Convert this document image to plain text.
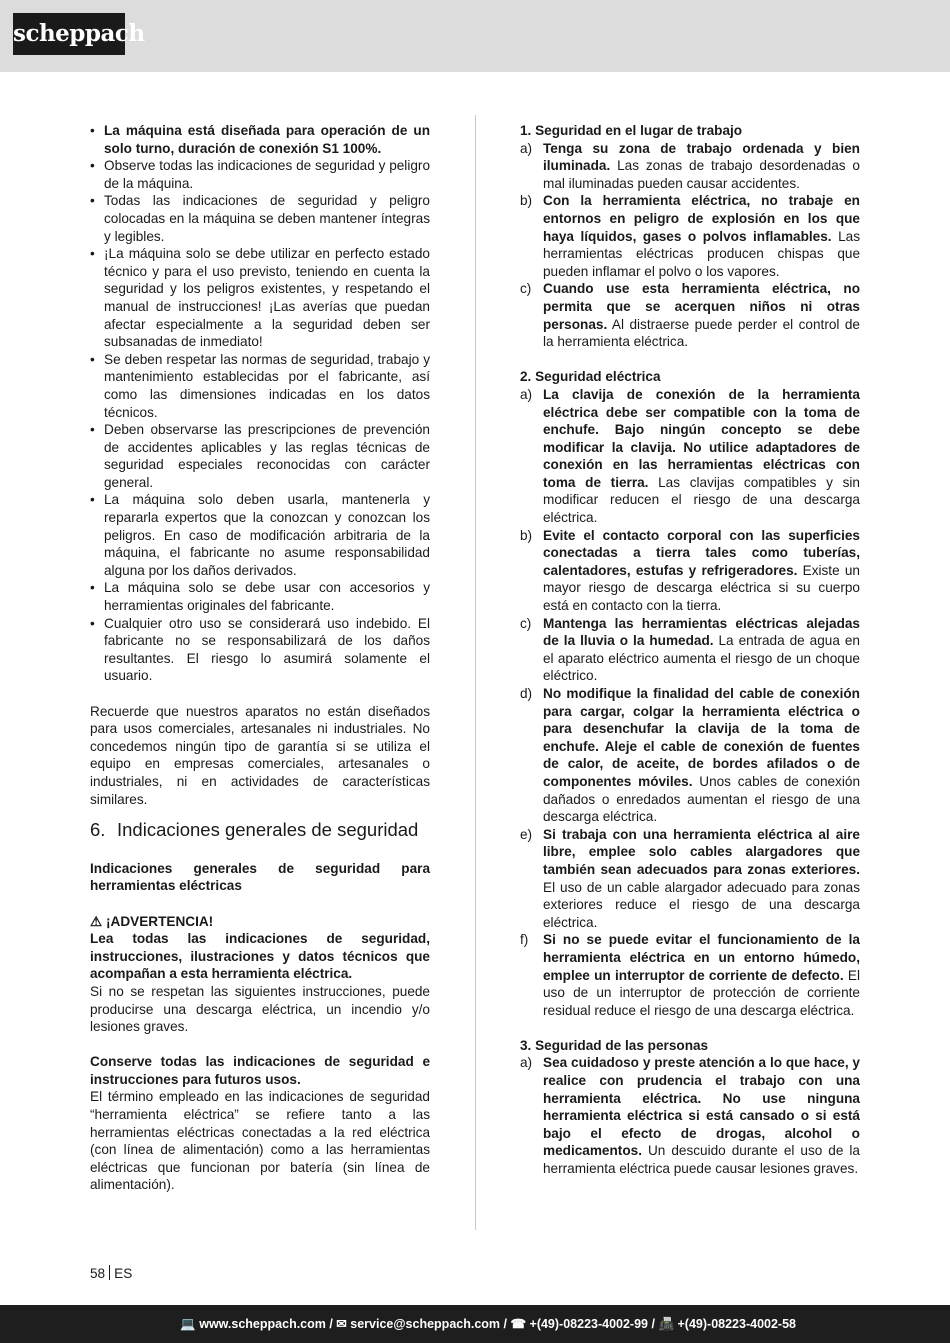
scheppach
• La máquina está diseñada para operación de un solo turno, duración de conexión S1 100%.
• Observe todas las indicaciones de seguridad y peligro de la máquina.
• Todas las indicaciones de seguridad y peligro colocadas en la máquina se deben mantener íntegras y legibles.
• ¡La máquina solo se debe utilizar en perfecto estado técnico y para el uso previsto, teniendo en cuenta la seguridad y los peligros existentes, y respetando el manual de instrucciones! ¡Las averías que puedan afectar especialmente a la seguridad deben ser subsanadas de inmediato!
• Se deben respetar las normas de seguridad, trabajo y mantenimiento establecidas por el fabricante, así como las dimensiones indicadas en los datos técnicos.
• Deben observarse las prescripciones de prevención de accidentes aplicables y las reglas técnicas de seguridad especiales reconocidas con carácter general.
• La máquina solo deben usarla, mantenerla y repararla expertos que la conozcan y conozcan los peligros. En caso de modificación arbitraria de la máquina, el fabricante no asume responsabilidad alguna por los daños derivados.
• La máquina solo se debe usar con accesorios y herramientas originales del fabricante.
• Cualquier otro uso se considerará uso indebido. El fabricante no se responsabilizará de los daños resultantes. El riesgo lo asumirá solamente el usuario.

Recuerde que nuestros aparatos no están diseñados para usos comerciales, artesanales ni industriales. No concedemos ningún tipo de garantía si se utiliza el equipo en empresas comerciales, artesanales o industriales, ni en actividades de características similares.

6. Indicaciones generales de seguridad

Indicaciones generales de seguridad para herramientas eléctricas

⚠ ¡ADVERTENCIA!

Lea todas las indicaciones de seguridad, instrucciones, ilustraciones y datos técnicos que acompañan a esta herramienta eléctrica.

Si no se respetan las siguientes instrucciones, puede producirse una descarga eléctrica, un incendio y/o lesiones graves.

Conserve todas las indicaciones de seguridad e instrucciones para futuros usos.

El término empleado en las indicaciones de seguridad “herramienta eléctrica” se refiere tanto a las herramientas eléctricas conectadas a la red eléctrica (con línea de alimentación) como a las herramientas eléctricas que funcionan por batería (sin línea de alimentación).

1. Seguridad en el lugar de trabajo

a) Tenga su zona de trabajo ordenada y bien iluminada. Las zonas de trabajo desordenadas o mal iluminadas pueden causar accidentes.
b) Con la herramienta eléctrica, no trabaje en entornos en peligro de explosión en los que haya líquidos, gases o polvos inflamables. Las herramientas eléctricas producen chispas que pueden inflamar el polvo o los vapores.
c) Cuando use esta herramienta eléctrica, no permita que se acerquen niños ni otras personas. Al distraerse puede perder el control de la herramienta eléctrica.

2. Seguridad eléctrica

a) La clavija de conexión de la herramienta eléctrica debe ser compatible con la toma de enchufe. Bajo ningún concepto se debe modificar la clavija. No utilice adaptadores de conexión en las herramientas eléctricas con toma de tierra. Las clavijas compatibles y sin modificar reducen el riesgo de una descarga eléctrica.
b) Evite el contacto corporal con las superficies conectadas a tierra tales como tuberías, calentadores, estufas y refrigeradores. Existe un mayor riesgo de descarga eléctrica si su cuerpo está en contacto con la tierra.
c) Mantenga las herramientas eléctricas alejadas de la lluvia o la humedad. La entrada de agua en el aparato eléctrico aumenta el riesgo de un choque eléctrico.
d) No modifique la finalidad del cable de conexión para cargar, colgar la herramienta eléctrica o para desenchufar la clavija de la toma de enchufe. Aleje el cable de conexión de fuentes de calor, de aceite, de bordes afilados o de componentes móviles. Unos cables de conexión dañados o enredados aumentan el riesgo de una descarga eléctrica.
e) Si trabaja con una herramienta eléctrica al aire libre, emplee solo cables alargadores que también sean adecuados para zonas exteriores. El uso de un cable alargador adecuado para zonas exteriores reduce el riesgo de una descarga eléctrica.
f) Si no se puede evitar el funcionamiento de la herramienta eléctrica en un entorno húmedo, emplee un interruptor de corriente de defecto. El uso de un interruptor de protección de corriente residual reduce el riesgo de una descarga eléctrica.

3. Seguridad de las personas

a) Sea cuidadoso y preste atención a lo que hace, y realice con prudencia el trabajo con una herramienta eléctrica. No use ninguna herramienta eléctrica si está cansado o si está bajo el efecto de drogas, alcohol o medicamentos. Un descuido durante el uso de la herramienta eléctrica puede causar lesiones graves.
58 ES
💻 www.scheppach.com / ✉ service@scheppach.com / ☎ +(49)-08223-4002-99 / 📠 +(49)-08223-4002-58
